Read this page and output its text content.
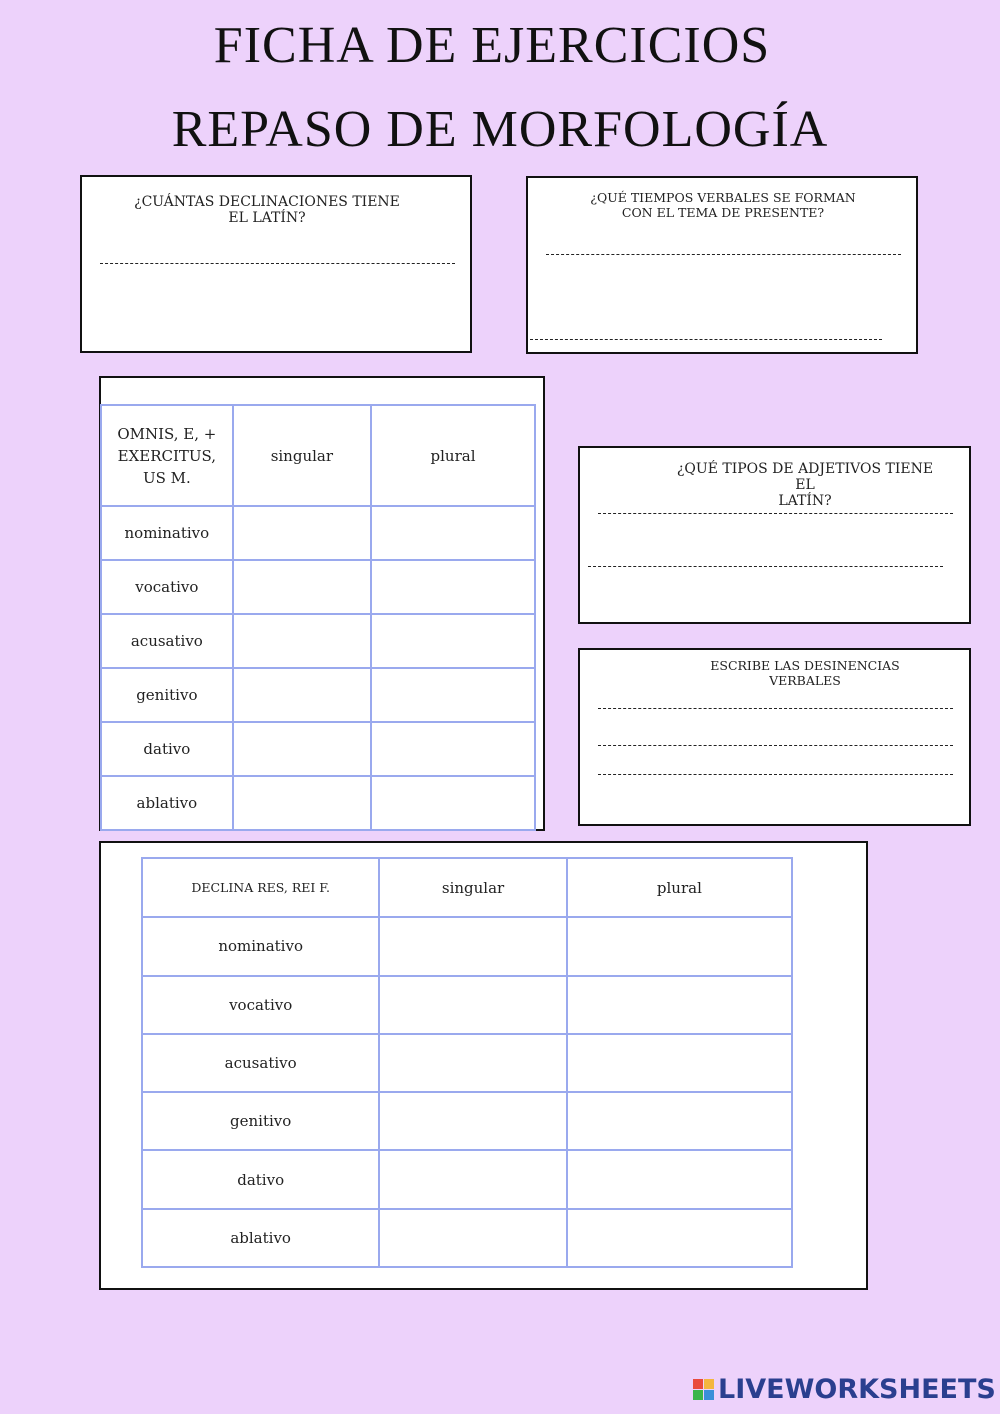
FICHA DE EJERCICIOS
REPASO DE MORFOLOGÍA
¿CUÁNTAS DECLINACIONES TIENE
EL LATÍN?
¿QUÉ TIEMPOS VERBALES SE FORMAN
CON EL TEMA DE PRESENTE?
OMNIS, E, +
EXERCITUS,
US M.	singular	plural
nominativo		
vocativo		
acusativo		
genitivo		
dativo		
ablativo		
¿QUÉ TIPOS DE ADJETIVOS TIENE EL
LATÍN?
ESCRIBE LAS DESINENCIAS VERBALES
DECLINA RES, REI F.	singular	plural
nominativo		
vocativo		
acusativo		
genitivo		
dativo		
ablativo		
LIVEWORKSHEETS
